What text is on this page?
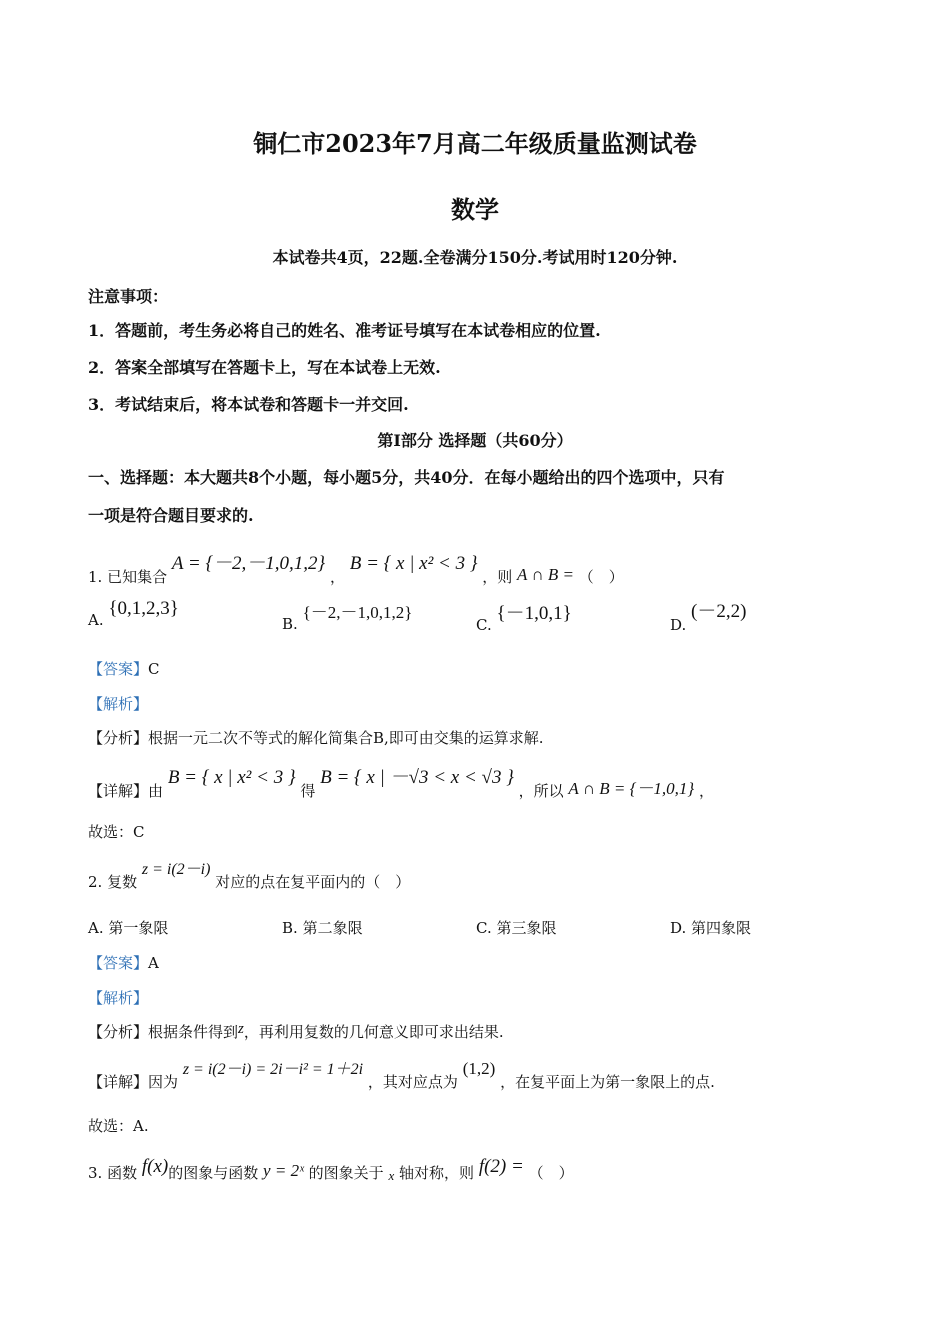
铜仁市2023年7月高二年级质量监测试卷
数学
本试卷共4页，22题.全卷满分150分.考试用时120分钟.
注意事项：
1．答题前，考生务必将自己的姓名、准考证号填写在本试卷相应的位置.
2．答案全部填写在答题卡上，写在本试卷上无效.
3．考试结束后，将本试卷和答题卡一并交回.
第Ⅰ部分 选择题（共60分）
一、选择题：本大题共8个小题，每小题5分，共40分．在每小题给出的四个选项中，只有
一项是符合题目要求的.
1. 已知集合 A = {－2,－1,0,1,2} ， B = { x | x² < 3 } ，则 A ∩ B = （　）
A. {0,1,2,3}
B. {－2,－1,0,1,2}
C. {－1,0,1}
D. (－2,2)
【答案】C
【解析】
【分析】根据一元二次不等式的解化简集合B,即可由交集的运算求解.
【详解】由 B = { x | x² < 3 } 得 B = { x | －√3 < x < √3 } ，所以 A ∩ B = {－1,0,1} ，
故选：C
2. 复数 z = i(2－i) 对应的点在复平面内的（　）
A. 第一象限	B. 第二象限	C. 第三象限	D. 第四象限
【答案】A
【解析】
【分析】根据条件得到z，再利用复数的几何意义即可求出结果.
【详解】因为 z = i(2－i) = 2i－i² = 1＋2i ，其对应点为 (1,2) ，在复平面上为第一象限上的点.
故选：A.
3. 函数 f(x)的图象与函数 y = 2ˣ 的图象关于 x 轴对称，则 f(2) = （　）
